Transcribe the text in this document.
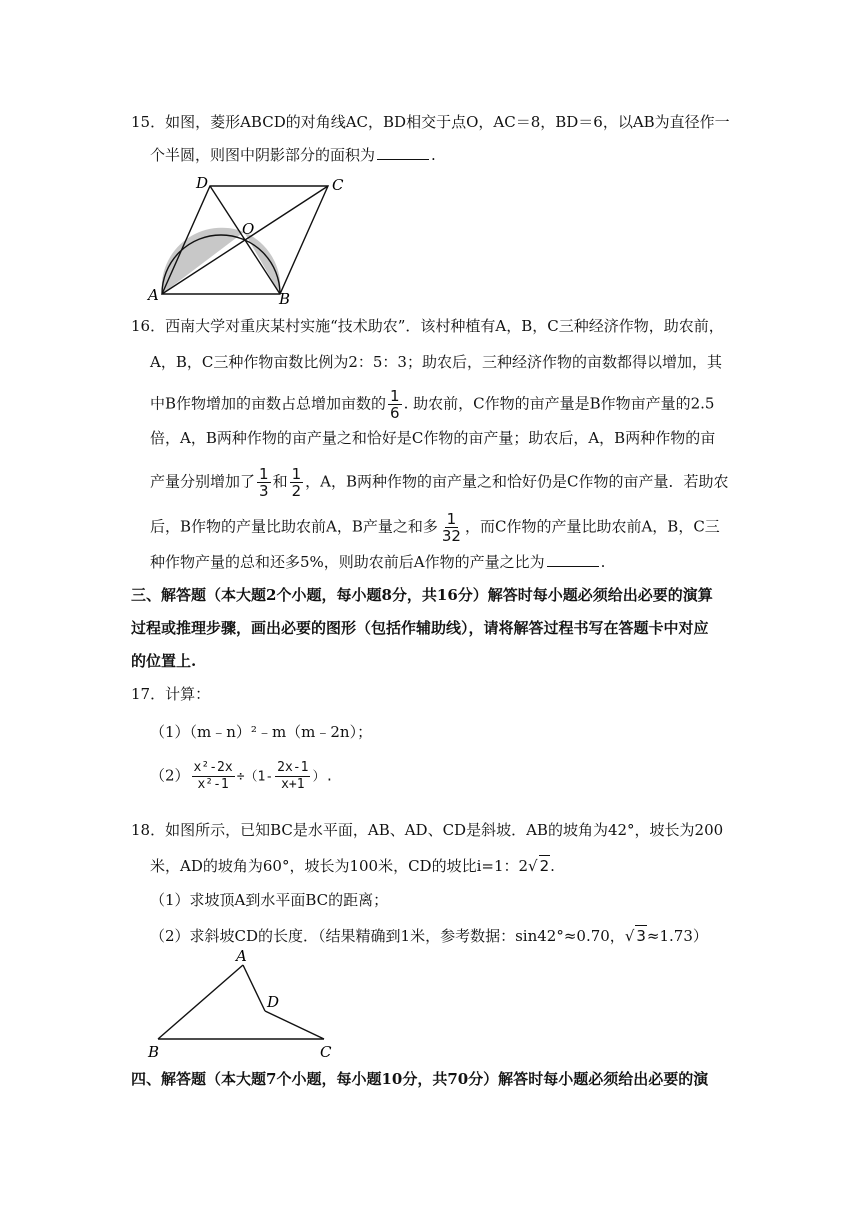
15．如图，菱形ABCD的对角线AC，BD相交于点O，AC＝8，BD＝6，以AB为直径作一
个半圆，则图中阴影部分的面积为	.
D	C
O
A	B
16．西南大学对重庆某村实施“技术助农”．该村种植有A，B，C三种经济作物，助农前，
A，B，C三种作物亩数比例为2：5：3；助农后，三种经济作物的亩数都得以增加，其
中B作物增加的亩数占总增加亩数的 $\frac{1}{6}$ . 助农前，C作物的亩产量是B作物亩产量的2.5
倍，A，B两种作物的亩产量之和恰好是C作物的亩产量；助农后，A，B两种作物的亩
产量分别增加了 $\frac{1}{3}$ 和 $\frac{1}{2}$ ，A，B两种作物的亩产量之和恰好仍是C作物的亩产量．若助农
后，B作物的产量比助农前A，B产量之和多 $\frac{1}{32}$ ，而C作物的产量比助农前A，B，C三
种作物产量的总和还多5%，则助农前后A作物的产量之比为	.
三、解答题（本大题2个小题，每小题8分，共16分）解答时每小题必须给出必要的演算
过程或推理步骤，画出必要的图形（包括作辅助线），请将解答过程书写在答题卡中对应
的位置上.
17．计算：
（1）（m﹣n）²﹣m（m﹣2n）；
$(2) \frac{\text{x²-2x}}{\text{x²-1}} \div(1- \frac{2x-1}{x+1}$ ）.
18．如图所示，已知BC是水平面，AB、AD、CD是斜坡．AB的坡角为42°，坡长为200
米，AD的坡角为60°，坡长为100米，CD的坡比i=1：2√ 2.
（1）求坡顶A到水平面BC的距离；
（2）求斜坡CD的长度．（结果精确到1米，参考数据：sin42°≈0.70，√ 3≈1.73）
A
D
B	C
四、解答题（本大题7个小题，每小题10分，共70分）解答时每小题必须给出必要的演
